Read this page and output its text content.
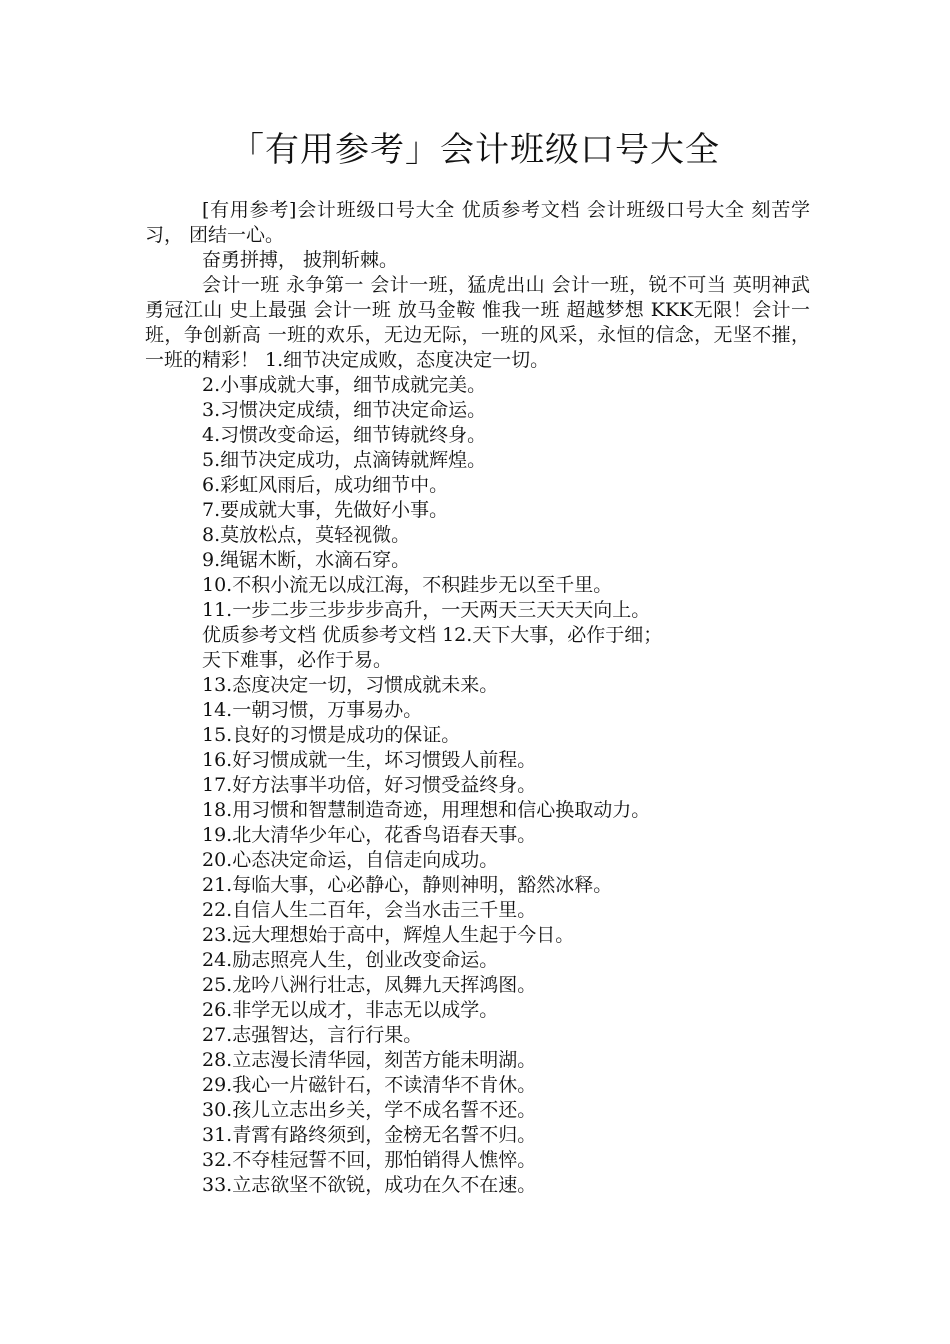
「有用参考」会计班级口号大全

[有用参考]会计班级口号大全 优质参考文档 会计班级口号大全 刻苦学习， 团结一心。

奋勇拼搏， 披荆斩棘。

会计一班 永争第一 会计一班，猛虎出山 会计一班，锐不可当 英明神武 勇冠江山 史上最强 会计一班 放马金鞍 惟我一班 超越梦想 KKK无限！会计一班，争创新高 一班的欢乐，无边无际，一班的风采，永恒的信念，无坚不摧，一班的精彩！ 1.细节决定成败，态度决定一切。

2.小事成就大事，细节成就完美。
3.习惯决定成绩，细节决定命运。
4.习惯改变命运，细节铸就终身。
5.细节决定成功，点滴铸就辉煌。
6.彩虹风雨后，成功细节中。
7.要成就大事，先做好小事。
8.莫放松点，莫轻视微。
9.绳锯木断，水滴石穿。
10.不积小流无以成江海，不积跬步无以至千里。
11.一步二步三步步步高升，一天两天三天天天向上。
优质参考文档 优质参考文档 12.天下大事，必作于细；
天下难事，必作于易。
13.态度决定一切，习惯成就未来。
14.一朝习惯，万事易办。
15.良好的习惯是成功的保证。
16.好习惯成就一生，坏习惯毁人前程。
17.好方法事半功倍，好习惯受益终身。
18.用习惯和智慧制造奇迹，用理想和信心换取动力。
19.北大清华少年心，花香鸟语春天事。
20.心态决定命运，自信走向成功。
21.每临大事，心必静心，静则神明，豁然冰释。
22.自信人生二百年，会当水击三千里。
23.远大理想始于高中，辉煌人生起于今日。
24.励志照亮人生，创业改变命运。
25.龙吟八洲行壮志，凤舞九天挥鸿图。
26.非学无以成才，非志无以成学。
27.志强智达，言行行果。
28.立志漫长清华园，刻苦方能未明湖。
29.我心一片磁针石，不读清华不肯休。
30.孩儿立志出乡关，学不成名誓不还。
31.青霄有路终须到，金榜无名誓不归。
32.不夺桂冠誓不回，那怕销得人憔悴。
33.立志欲坚不欲锐，成功在久不在速。
